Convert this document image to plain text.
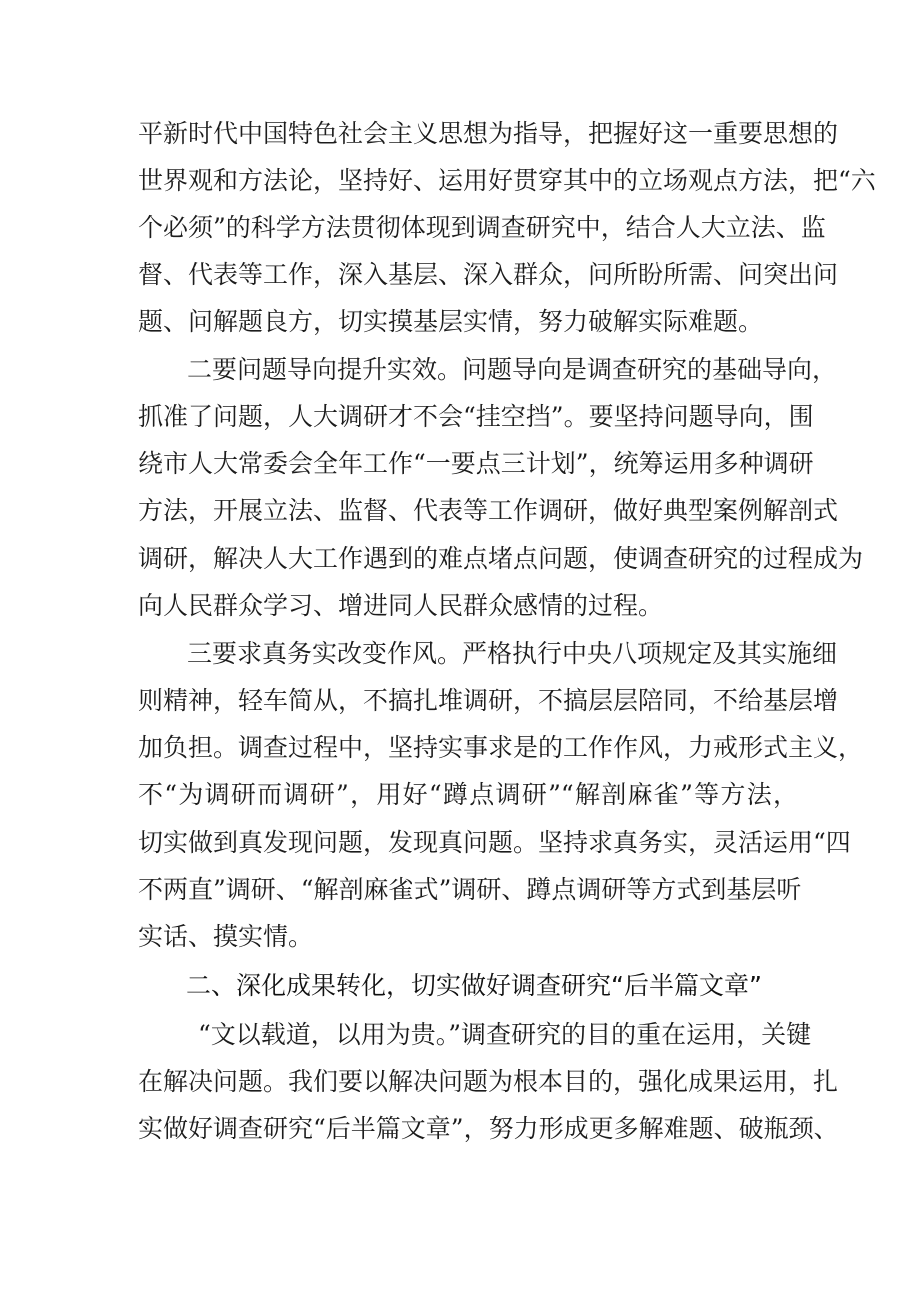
平新时代中国特色社会主义思想为指导，把握好这一重要思想的
世界观和方法论，坚持好、运用好贯穿其中的立场观点方法，把“六
个必须”的科学方法贯彻体现到调查研究中，结合人大立法、监
督、代表等工作，深入基层、深入群众，问所盼所需、问突出问
题、问解题良方，切实摸基层实情，努力破解实际难题。
二要问题导向提升实效。问题导向是调查研究的基础导向，
抓准了问题，人大调研才不会“挂空挡”。要坚持问题导向，围
绕市人大常委会全年工作“一要点三计划”，统筹运用多种调研
方法，开展立法、监督、代表等工作调研，做好典型案例解剖式
调研，解决人大工作遇到的难点堵点问题，使调查研究的过程成为
向人民群众学习、增进同人民群众感情的过程。
三要求真务实改变作风。严格执行中央八项规定及其实施细
则精神，轻车简从，不搞扎堆调研，不搞层层陪同，不给基层增
加负担。调查过程中，坚持实事求是的工作作风，力戒形式主义，
不“为调研而调研”，用好“蹲点调研”“解剖麻雀”等方法，
切实做到真发现问题，发现真问题。坚持求真务实，灵活运用“四
不两直”调研、“解剖麻雀式”调研、蹲点调研等方式到基层听
实话、摸实情。
二、深化成果转化，切实做好调查研究“后半篇文章”
“文以载道，以用为贵。”调查研究的目的重在运用，关键
在解决问题。我们要以解决问题为根本目的，强化成果运用，扎
实做好调查研究“后半篇文章”，努力形成更多解难题、破瓶颈、
